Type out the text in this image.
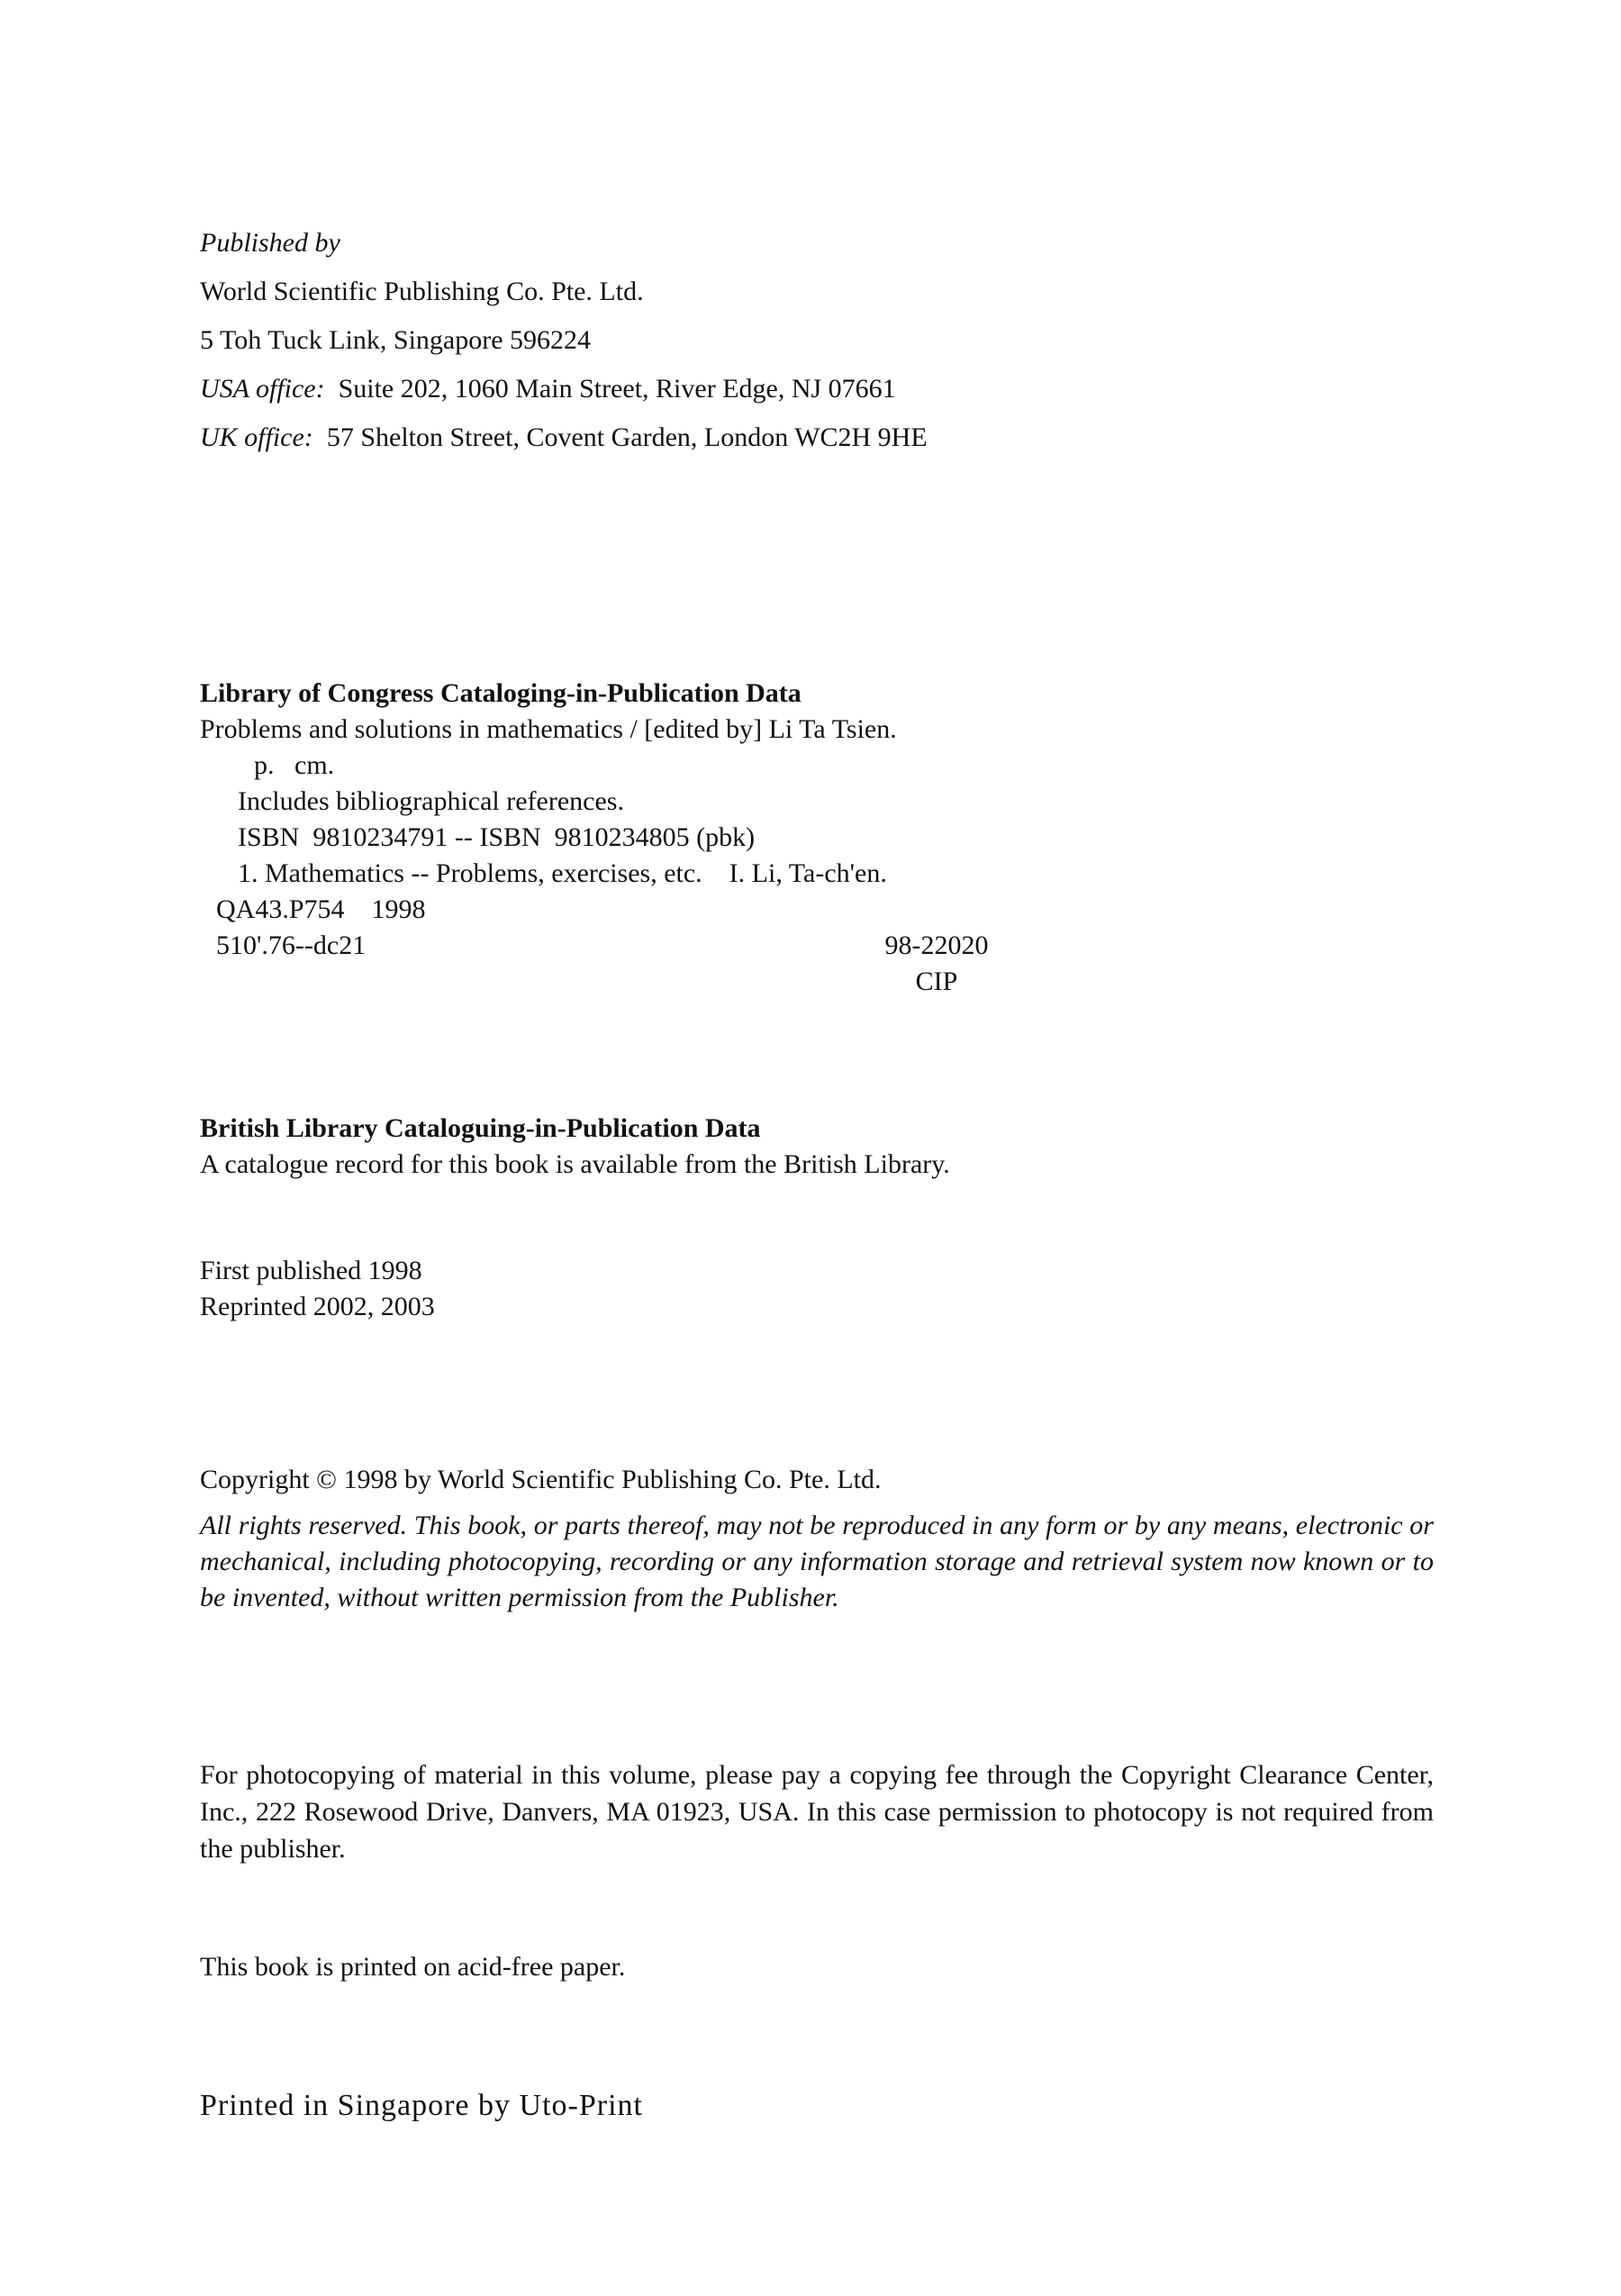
Published by
World Scientific Publishing Co. Pte. Ltd.
5 Toh Tuck Link, Singapore 596224
USA office: Suite 202, 1060 Main Street, River Edge, NJ 07661
UK office: 57 Shelton Street, Covent Garden, London WC2H 9HE
Library of Congress Cataloging-in-Publication Data
Problems and solutions in mathematics / [edited by] Li Ta Tsien.
p.   cm.
Includes bibliographical references.
ISBN  9810234791 -- ISBN  9810234805 (pbk)
1. Mathematics -- Problems, exercises, etc. I. Li, Ta-ch'en.
QA43.P754    1998
510'.76--dc21	98-22020
CIP
British Library Cataloguing-in-Publication Data
A catalogue record for this book is available from the British Library.
First published 1998
Reprinted 2002, 2003
Copyright © 1998 by World Scientific Publishing Co. Pte. Ltd.
All rights reserved. This book, or parts thereof, may not be reproduced in any form or by any means, electronic or mechanical, including photocopying, recording or any information storage and retrieval system now known or to be invented, without written permission from the Publisher.
For photocopying of material in this volume, please pay a copying fee through the Copyright Clearance Center, Inc., 222 Rosewood Drive, Danvers, MA 01923, USA. In this case permission to photocopy is not required from the publisher.
This book is printed on acid-free paper.
Printed in Singapore by Uto-Print
